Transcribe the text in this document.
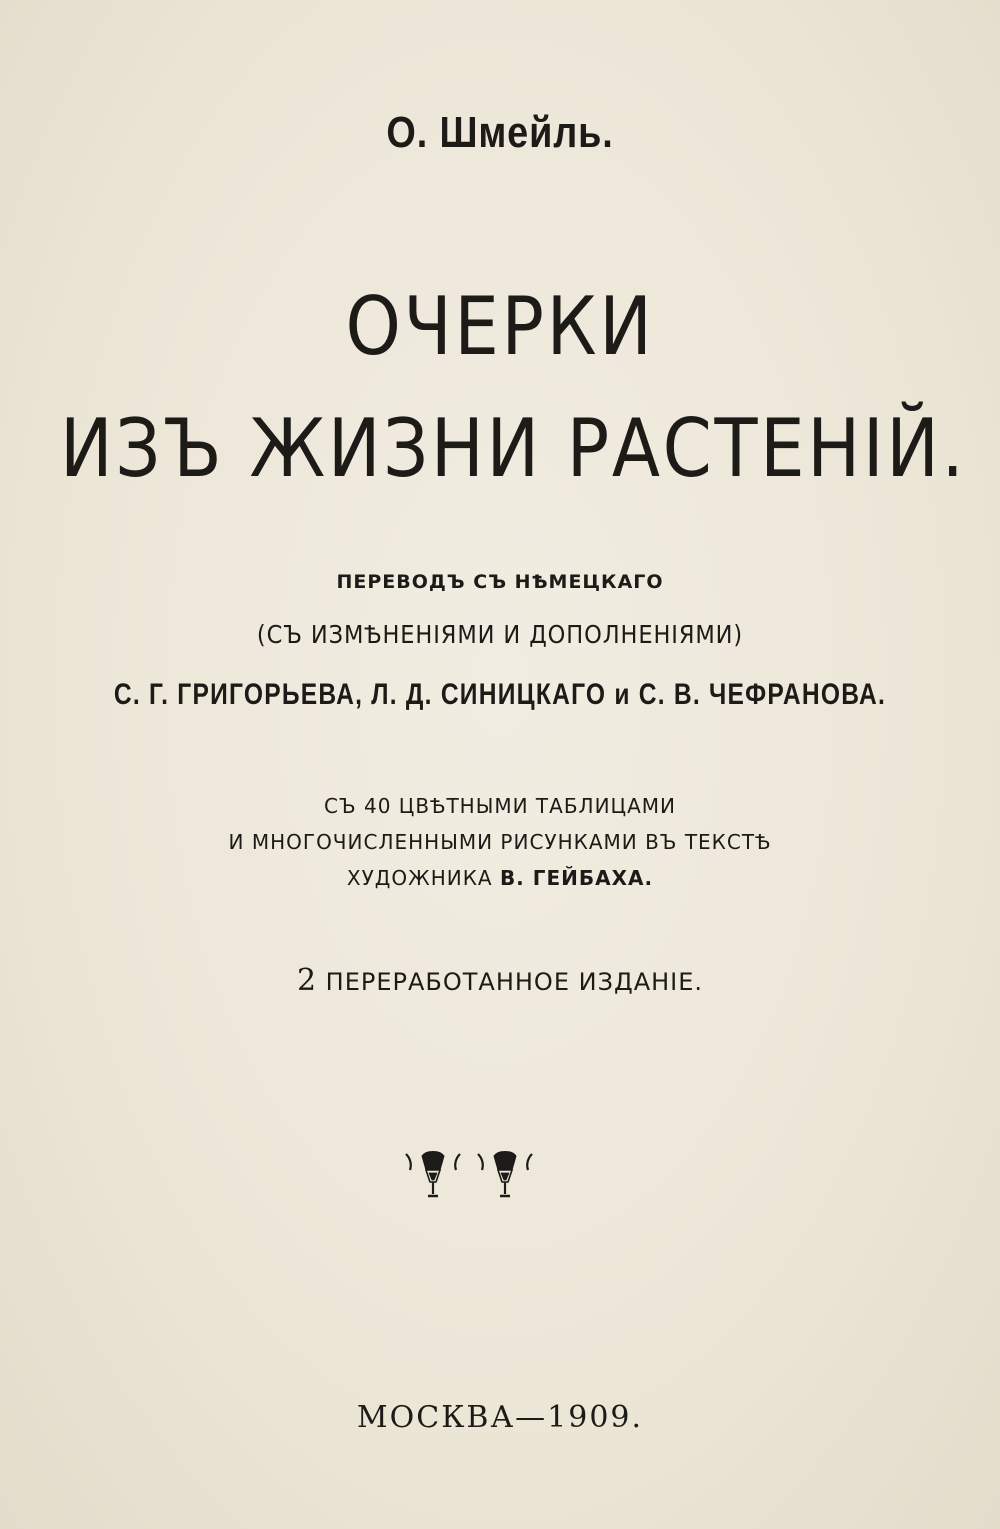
О. Шмейль.
ОЧЕРКИ
ИЗЪ ЖИЗНИ РАСТЕНІЙ.
ПЕРЕВОДЪ СЪ НѢМЕЦКАГО
(СЪ ИЗМѢНЕНІЯМИ И ДОПОЛНЕНІЯМИ)
С. Г. ГРИГОРЬЕВА, Л. Д. СИНИЦКАГО и С. В. ЧЕФРАНОВА.
СЪ 40 ЦВѢТНЫМИ ТАБЛИЦАМИ
И МНОГОЧИСЛЕННЫМИ РИСУНКАМИ ВЪ ТЕКСТѢ
ХУДОЖНИКА В. ГЕЙБАХА.
2 ПЕРЕРАБОТАННОЕ ИЗДАНІЕ.
МОСКВА—1909.
